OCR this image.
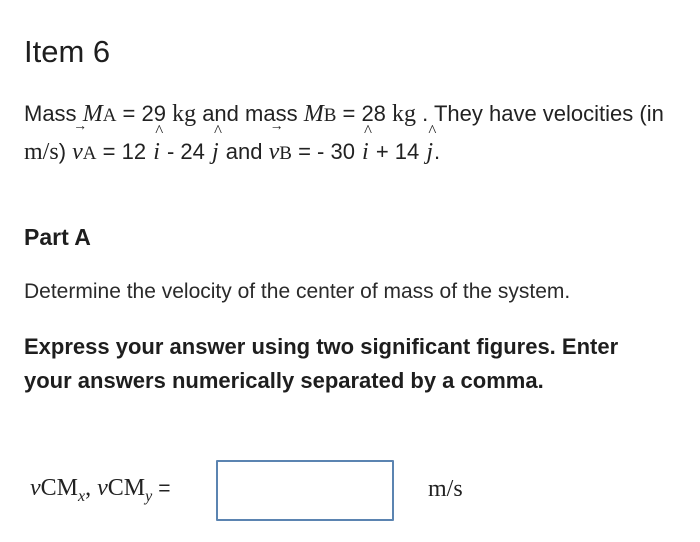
Item 6
Mass MA = 29 kg and mass MB = 28 kg . They have velocities (in m/s) → vA = 12 ^ i - 24 ^ j and → vB = - 30 ^ i + 14 ^ j.
Part A
Determine the velocity of the center of mass of the system.
Express your answer using two significant figures. Enter your answers numerically separated by a comma.
vCM$_x$, vCM$_y$ =	m/s
